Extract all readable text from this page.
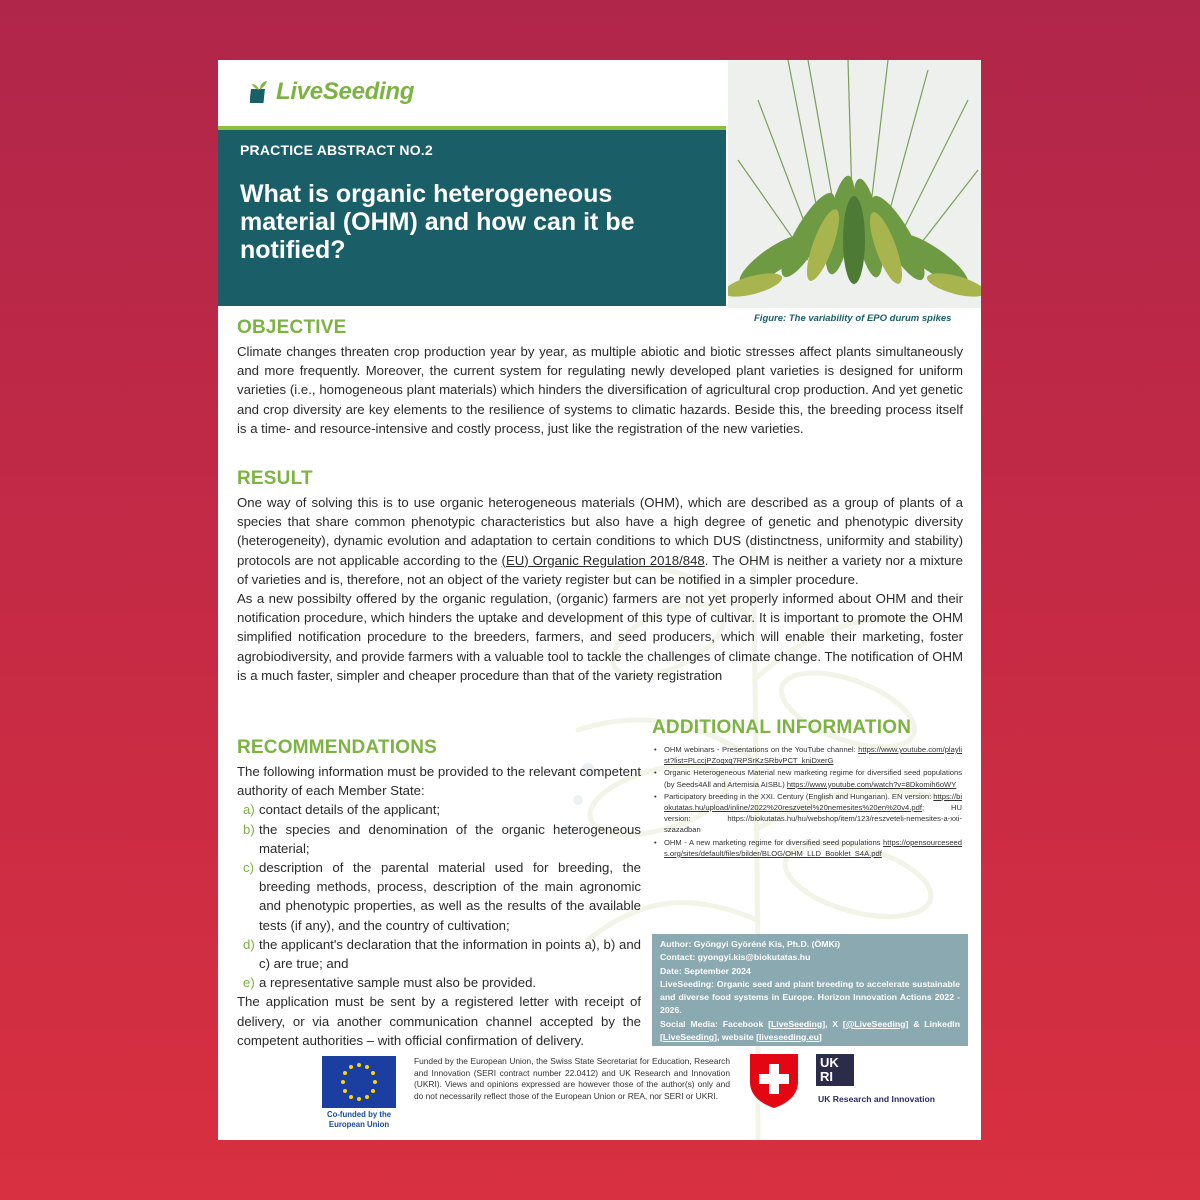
LiveSeeding
PRACTICE ABSTRACT NO.2
What is organic heterogeneous material (OHM) and how can it be notified?
Figure: The variability of EPO durum spikes
OBJECTIVE

Climate changes threaten crop production year by year, as multiple abiotic and biotic stresses affect plants simultaneously and more frequently. Moreover, the current system for regulating newly developed plant varieties is designed for uniform varieties (i.e., homogeneous plant materials) which hinders the diversification of agricultural crop production. And yet genetic and crop diversity are key elements to the resilience of systems to climatic hazards. Beside this, the breeding process itself is a time- and resource-intensive and costly process, just like the registration of the new varieties.

RESULT

One way of solving this is to use organic heterogeneous materials (OHM), which are described as a group of plants of a species that share common phenotypic characteristics but also have a high degree of genetic and phenotypic diversity (heterogeneity), dynamic evolution and adaptation to certain conditions to which DUS (distinctness, uniformity and stability) protocols are not applicable according to the (EU) Organic Regulation 2018/848. The OHM is neither a variety nor a mixture of varieties and is, therefore, not an object of the variety register but can be notified in a simpler procedure.

As a new possibilty offered by the organic regulation, (organic) farmers are not yet properly informed about OHM and their notification procedure, which hinders the uptake and development of this type of cultivar. It is important to promote the OHM simplified notification procedure to the breeders, farmers, and seed producers, which will enable their marketing, foster agrobiodiversity, and provide farmers with a valuable tool to tackle the challenges of climate change. The notification of OHM is a much faster, simpler and cheaper procedure than that of the variety registration

ADDITIONAL INFORMATION
• OHM webinars - Presentations on the YouTube channel: https://www.youtube.com/playlist?list=PLccjPZoqxq7RPSrKzSRbvPCT_kniDxerG
• Organic Heterogeneous Material new marketing regime for diversified seed populations (by Seeds4All and Artemisia AISBL) https://www.youtube.com/watch?v=8Dkomih6oWY
• Participatory breeding in the XXI. Century (English and Hungarian). EN version: https://biokutatas.hu/upload/inline/2022%20reszvetel%20nemesites%20en%20v4.pdf; HU version: https://biokutatas.hu/hu/webshop/item/123/reszveteli-nemesites-a-xxi-szazadban
• OHM - A new marketing regime for diversified seed populations https://opensourceseeds.org/sites/default/files/bilder/BLOG/OHM_LLD_Booklet_S4A.pdf
RECOMMENDATIONS

The following information must be provided to the relevant competent authority of each Member State:

a) contact details of the applicant;
b) the species and denomination of the organic heterogeneous material;
c) description of the parental material used for breeding, the breeding methods, process, description of the main agronomic and phenotypic properties, as well as the results of the available tests (if any), and the country of cultivation;
d) the applicant's declaration that the information in points a), b) and c) are true; and
e) a representative sample must also be provided.

The application must be sent by a registered letter with receipt of delivery, or via another communication channel accepted by the competent authorities – with official confirmation of delivery.

Author: Gyöngyi Györéné Kis, Ph.D. (ÖMKi)
Contact: gyongyi.kis@biokutatas.hu
Date: September 2024
LiveSeeding: Organic seed and plant breeding to accelerate sustainable and diverse food systems in Europe. Horizon Innovation Actions 2022 - 2026.
Social Media: Facebook [LiveSeeding], X [@LiveSeeding] & LinkedIn [LiveSeeding], website [liveseeding.eu]
Co-funded by the European Union
Funded by the European Union, the Swiss State Secretariat for Education, Research and Innovation (SERI contract number 22.0412) and UK Research and Innovation (UKRI). Views and opinions expressed are however those of the author(s) only and do not necessarily reflect those of the European Union or REA, nor SERI or UKRI.
UK RI
UK Research and Innovation
